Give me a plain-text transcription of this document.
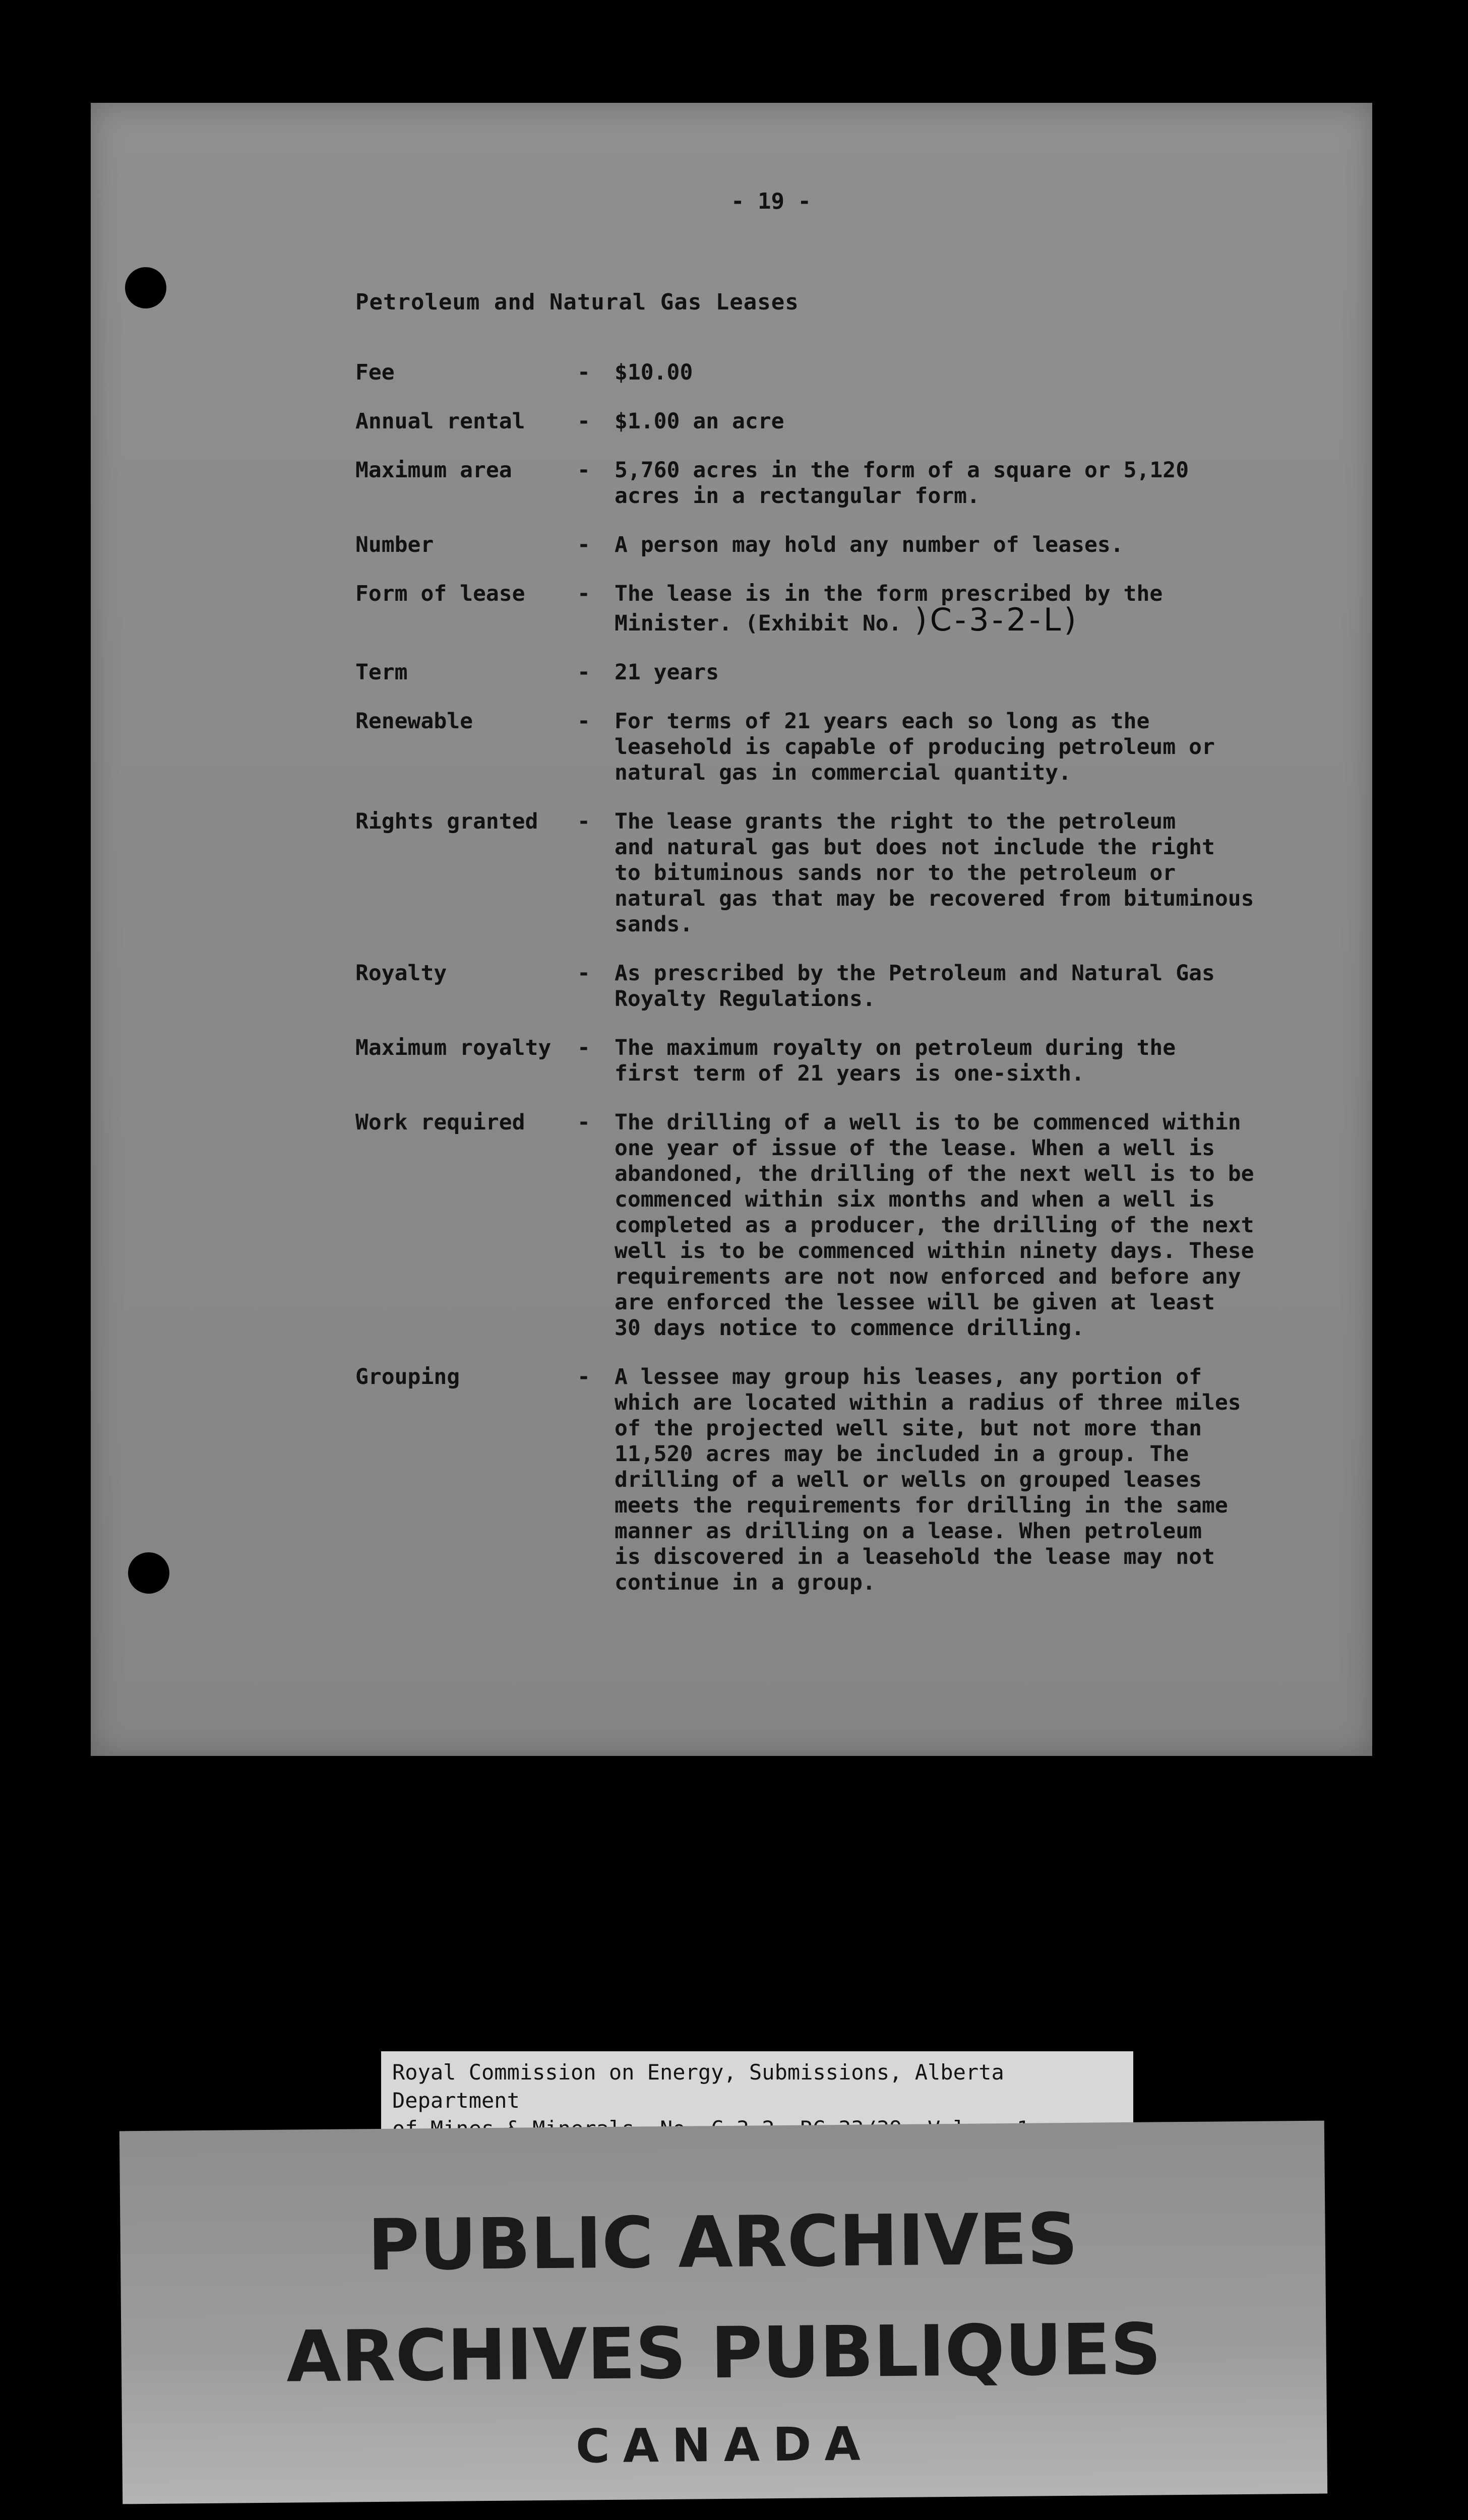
- 19 -
Petroleum and Natural Gas Leases
Fee	-	$10.00
Annual rental	-	$1.00 an acre
Maximum area	-	5,760 acres in the form of a square or 5,120
acres in a rectangular form.
Number	-	A person may hold any number of leases.
Form of lease	-	The lease is in the form prescribed by the
Minister. (Exhibit No. )C-3-2-L)
Term	-	21 years
Renewable	-	For terms of 21 years each so long as the
leasehold is capable of producing petroleum or
natural gas in commercial quantity.
Rights granted	-	The lease grants the right to the petroleum
and natural gas but does not include the right
to bituminous sands nor to the petroleum or
natural gas that may be recovered from bituminous
sands.
Royalty	-	As prescribed by the Petroleum and Natural Gas
Royalty Regulations.
Maximum royalty	-	The maximum royalty on petroleum during the
first term of 21 years is one-sixth.
Work required	-	The drilling of a well is to be commenced within
one year of issue of the lease. When a well is
abandoned, the drilling of the next well is to be
commenced within six months and when a well is
completed as a producer, the drilling of the next
well is to be commenced within ninety days. These
requirements are not now enforced and before any
are enforced the lessee will be given at least
30 days notice to commence drilling.
Grouping	-	A lessee may group his leases, any portion of
which are located within a radius of three miles
of the projected well site, but not more than
11,520 acres may be included in a group. The
drilling of a well or wells on grouped leases
meets the requirements for drilling in the same
manner as drilling on a lease. When petroleum
is discovered in a leasehold the lease may not
continue in a group.
Royal Commission on Energy, Submissions, Alberta Department

PUBLIC ARCHIVES
ARCHIVES PUBLIQUES
CANADA
